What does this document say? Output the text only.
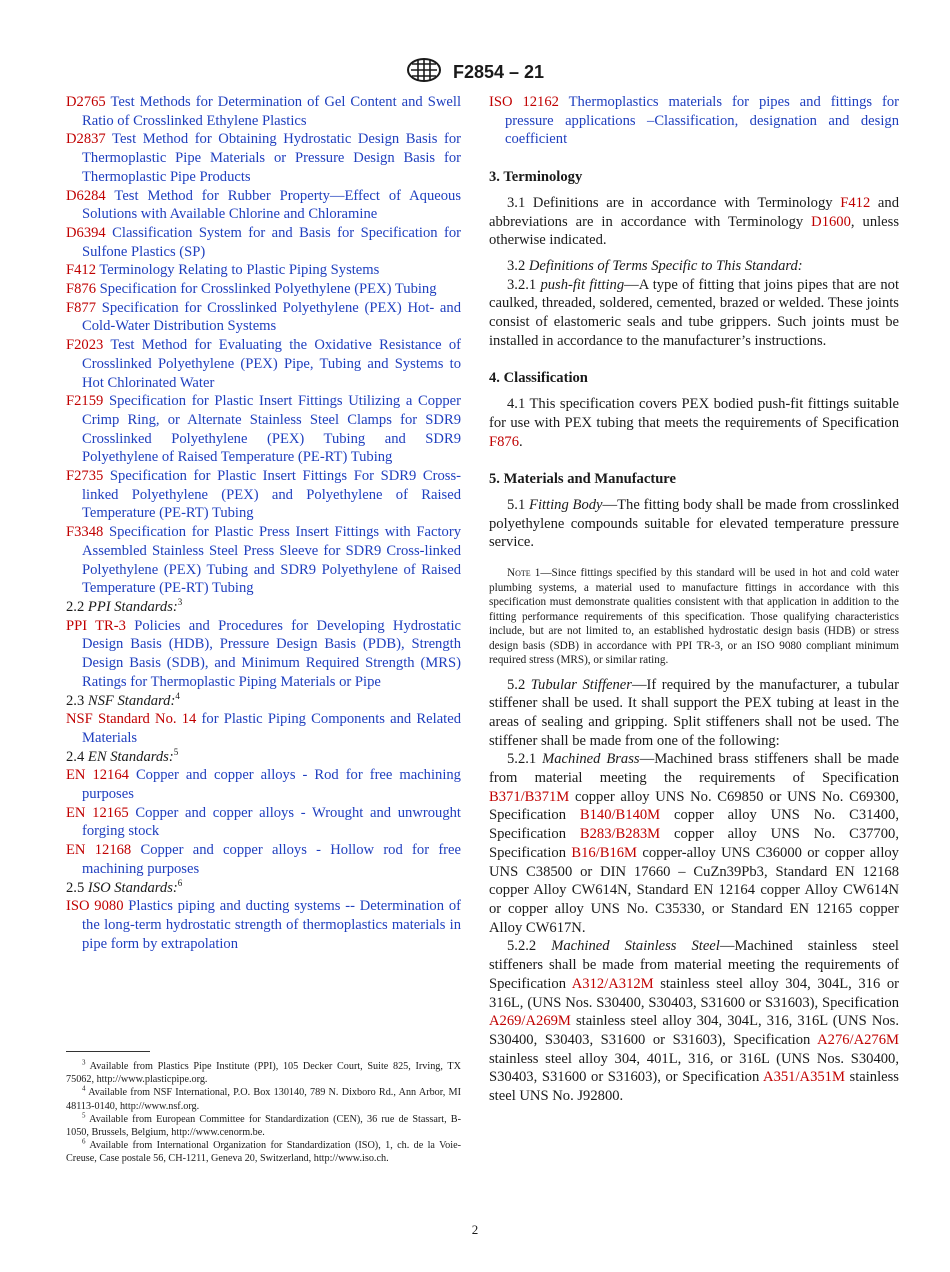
F2854 – 21

D2765 Test Methods for Determination of Gel Content and Swell Ratio of Crosslinked Ethylene Plastics

D2837 Test Method for Obtaining Hydrostatic Design Basis for Thermoplastic Pipe Materials or Pressure Design Basis for Thermoplastic Pipe Products

D6284 Test Method for Rubber Property—Effect of Aqueous Solutions with Available Chlorine and Chloramine

D6394 Classification System for and Basis for Specification for Sulfone Plastics (SP)

F412 Terminology Relating to Plastic Piping Systems

F876 Specification for Crosslinked Polyethylene (PEX) Tubing

F877 Specification for Crosslinked Polyethylene (PEX) Hot- and Cold-Water Distribution Systems

F2023 Test Method for Evaluating the Oxidative Resistance of Crosslinked Polyethylene (PEX) Pipe, Tubing and Systems to Hot Chlorinated Water

F2159 Specification for Plastic Insert Fittings Utilizing a Copper Crimp Ring, or Alternate Stainless Steel Clamps for SDR9 Crosslinked Polyethylene (PEX) Tubing and SDR9 Polyethylene of Raised Temperature (PE-RT) Tubing

F2735 Specification for Plastic Insert Fittings For SDR9 Cross-linked Polyethylene (PEX) and Polyethylene of Raised Temperature (PE-RT) Tubing

F3348 Specification for Plastic Press Insert Fittings with Factory Assembled Stainless Steel Press Sleeve for SDR9 Cross-linked Polyethylene (PEX) Tubing and SDR9 Polyethylene of Raised Temperature (PE-RT) Tubing

2.2 PPI Standards:$^3$

PPI TR-3 Policies and Procedures for Developing Hydrostatic Design Basis (HDB), Pressure Design Basis (PDB), Strength Design Basis (SDB), and Minimum Required Strength (MRS) Ratings for Thermoplastic Piping Materials or Pipe

2.3 NSF Standard:$^4$

NSF Standard No. 14 for Plastic Piping Components and Related Materials

2.4 EN Standards:$^5$

EN 12164 Copper and copper alloys - Rod for free machining purposes

EN 12165 Copper and copper alloys - Wrought and unwrought forging stock

EN 12168 Copper and copper alloys - Hollow rod for free machining purposes

2.5 ISO Standards:$^6$

ISO 9080 Plastics piping and ducting systems -- Determination of the long-term hydrostatic strength of thermoplastics materials in pipe form by extrapolation

ISO 12162 Thermoplastics materials for pipes and fittings for pressure applications –Classification, designation and design coefficient

3. Terminology

3.1 Definitions are in accordance with Terminology F412 and abbreviations are in accordance with Terminology D1600, unless otherwise indicated.

3.2 Definitions of Terms Specific to This Standard:

3.2.1 push-fit fitting—A type of fitting that joins pipes that are not caulked, threaded, soldered, cemented, brazed or welded. These joints consist of elastomeric seals and tube grippers. Such joints must be installed in accordance to the manufacturer’s instructions.

4. Classification

4.1 This specification covers PEX bodied push-fit fittings suitable for use with PEX tubing that meets the requirements of Specification F876.

5. Materials and Manufacture

5.1 Fitting Body—The fitting body shall be made from crosslinked polyethylene compounds suitable for elevated temperature pressure service.

Note 1—Since fittings specified by this standard will be used in hot and cold water plumbing systems, a material used to manufacture fittings in accordance with this specification must demonstrate qualities consistent with that application in addition to the fitting performance requirements of this specification. Those qualifying characteristics include, but are not limited to, an established hydrostatic design basis (HDB) or stress design basis (SDB) in accordance with PPI TR-3, or an ISO 9080 compliant minimum required stress (MRS), or similar rating.

5.2 Tubular Stiffener—If required by the manufacturer, a tubular stiffener shall be used. It shall support the PEX tubing at least in the areas of sealing and gripping. Split stiffeners shall not be used. The stiffener shall be made from one of the following:

5.2.1 Machined Brass—Machined brass stiffeners shall be made from material meeting the requirements of Specification B371/B371M copper alloy UNS No. C69850 or UNS No. C69300, Specification B140/B140M copper alloy UNS No. C31400, Specification B283/B283M copper alloy UNS No. C37700, Specification B16/B16M copper-alloy UNS C36000 or copper alloy UNS C38500 or DIN 17660 – CuZn39Pb3, Standard EN 12168 copper Alloy CW614N, Standard EN 12164 copper Alloy CW614N or copper alloy UNS No. C35330, or Standard EN 12165 copper Alloy CW617N.

5.2.2 Machined Stainless Steel—Machined stainless steel stiffeners shall be made from material meeting the requirements of Specification A312/A312M stainless steel alloy 304, 304L, 316 or 316L, (UNS Nos. S30400, S30403, S31600 or S31603), Specification A269/A269M stainless steel alloy 304, 304L, 316, 316L (UNS Nos. S30400, S30403, S31600 or S31603), Specification A276/A276M stainless steel alloy 304, 401L, 316, or 316L (UNS Nos. S30400, S30403, S31600 or S31603), or Specification A351/A351M stainless steel UNS No. J92800.

$^3$ Available from Plastics Pipe Institute (PPI), 105 Decker Court, Suite 825, Irving, TX 75062, http://www.plasticpipe.org.

$^4$ Available from NSF International, P.O. Box 130140, 789 N. Dixboro Rd., Ann Arbor, MI 48113-0140, http://www.nsf.org.

$^5$ Available from European Committee for Standardization (CEN), 36 rue de Stassart, B-1050, Brussels, Belgium, http://www.cenorm.be.

$^6$ Available from International Organization for Standardization (ISO), 1, ch. de la Voie-Creuse, Case postale 56, CH-1211, Geneva 20, Switzerland, http://www.iso.ch.

2
